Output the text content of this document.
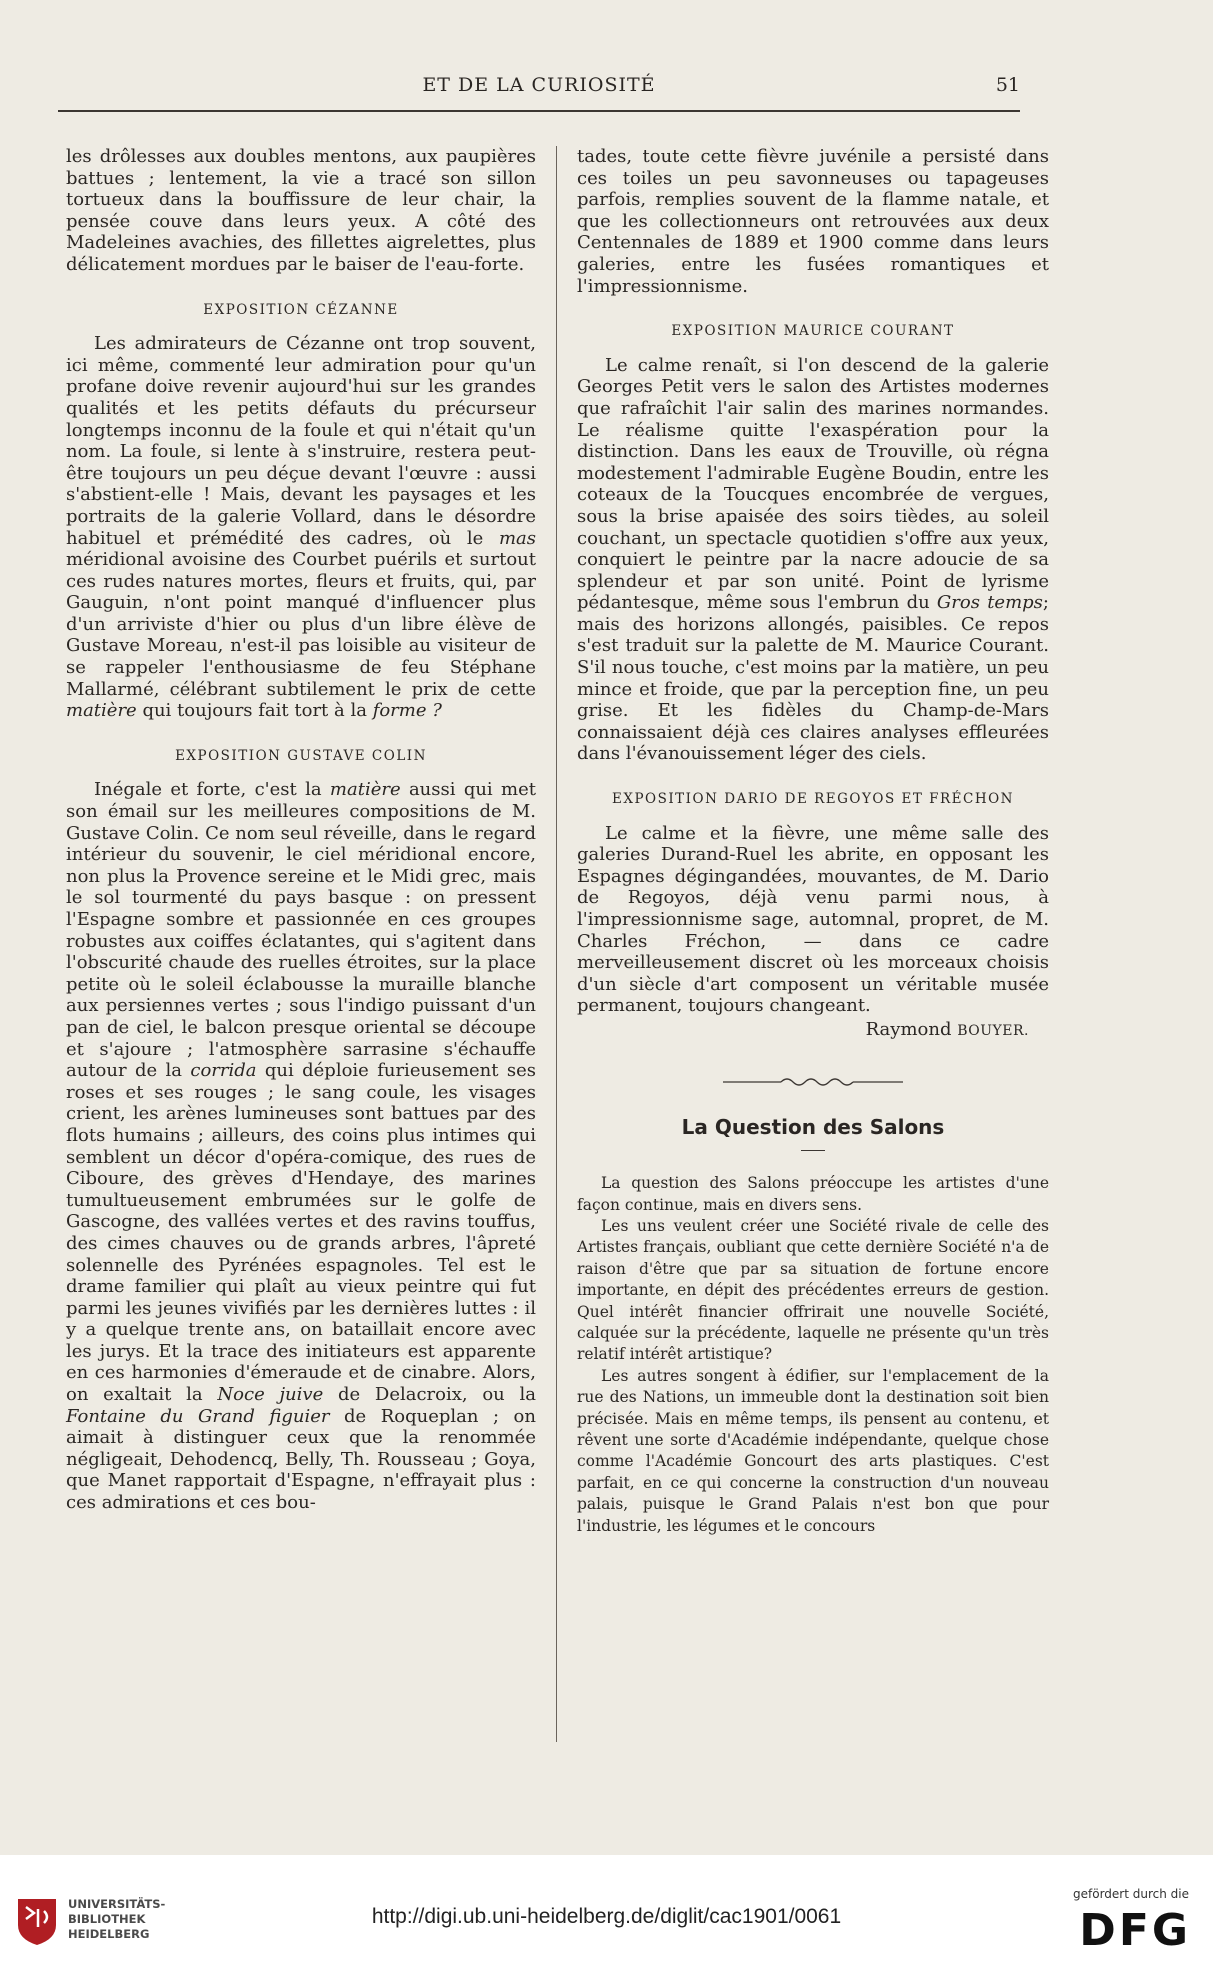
ET DE LA CURIOSITÉ	51

les drôlesses aux doubles mentons, aux paupières battues ; lentement, la vie a tracé son sillon tortueux dans la bouffissure de leur chair, la pensée couve dans leurs yeux. A côté des Madeleines avachies, des fillettes aigrelettes, plus délicatement mordues par le baiser de l'eau-forte.

EXPOSITION CÉZANNE

Les admirateurs de Cézanne ont trop souvent, ici même, commenté leur admiration pour qu'un profane doive revenir aujourd'hui sur les grandes qualités et les petits défauts du précurseur longtemps inconnu de la foule et qui n'était qu'un nom. La foule, si lente à s'instruire, restera peut-être toujours un peu déçue devant l'œuvre : aussi s'abstient-elle ! Mais, devant les paysages et les portraits de la galerie Vollard, dans le désordre habituel et prémédité des cadres, où le mas méridional avoisine des Courbet puérils et surtout ces rudes natures mortes, fleurs et fruits, qui, par Gauguin, n'ont point manqué d'influencer plus d'un arriviste d'hier ou plus d'un libre élève de Gustave Moreau, n'est-il pas loisible au visiteur de se rappeler l'enthousiasme de feu Stéphane Mallarmé, célébrant subtilement le prix de cette matière qui toujours fait tort à la forme ?

EXPOSITION GUSTAVE COLIN

Inégale et forte, c'est la matière aussi qui met son émail sur les meilleures compositions de M. Gustave Colin. Ce nom seul réveille, dans le regard intérieur du souvenir, le ciel méridional encore, non plus la Provence sereine et le Midi grec, mais le sol tourmenté du pays basque : on pressent l'Espagne sombre et passionnée en ces groupes robustes aux coiffes éclatantes, qui s'agitent dans l'obscurité chaude des ruelles étroites, sur la place petite où le soleil éclabousse la muraille blanche aux persiennes vertes ; sous l'indigo puissant d'un pan de ciel, le balcon presque oriental se découpe et s'ajoure ; l'atmosphère sarrasine s'échauffe autour de la corrida qui déploie furieusement ses roses et ses rouges ; le sang coule, les visages crient, les arènes lumineuses sont battues par des flots humains ; ailleurs, des coins plus intimes qui semblent un décor d'opéra-comique, des rues de Ciboure, des grèves d'Hendaye, des marines tumultueusement embrumées sur le golfe de Gascogne, des vallées vertes et des ravins touffus, des cimes chauves ou de grands arbres, l'âpreté solennelle des Pyrénées espagnoles. Tel est le drame familier qui plaît au vieux peintre qui fut parmi les jeunes vivifiés par les dernières luttes : il y a quelque trente ans, on bataillait encore avec les jurys. Et la trace des initiateurs est apparente en ces harmonies d'émeraude et de cinabre. Alors, on exaltait la Noce juive de Delacroix, ou la Fontaine du Grand figuier de Roqueplan ; on aimait à distinguer ceux que la renommée négligeait, Dehodencq, Belly, Th. Rousseau ; Goya, que Manet rapportait d'Espagne, n'effrayait plus : ces admirations et ces bou-

tades, toute cette fièvre juvénile a persisté dans ces toiles un peu savonneuses ou tapageuses parfois, remplies souvent de la flamme natale, et que les collectionneurs ont retrouvées aux deux Centennales de 1889 et 1900 comme dans leurs galeries, entre les fusées romantiques et l'impressionnisme.

EXPOSITION MAURICE COURANT

Le calme renaît, si l'on descend de la galerie Georges Petit vers le salon des Artistes modernes que rafraîchit l'air salin des marines normandes. Le réalisme quitte l'exaspération pour la distinction. Dans les eaux de Trouville, où régna modestement l'admirable Eugène Boudin, entre les coteaux de la Toucques encombrée de vergues, sous la brise apaisée des soirs tièdes, au soleil couchant, un spectacle quotidien s'offre aux yeux, conquiert le peintre par la nacre adoucie de sa splendeur et par son unité. Point de lyrisme pédantesque, même sous l'embrun du Gros temps; mais des horizons allongés, paisibles. Ce repos s'est traduit sur la palette de M. Maurice Courant. S'il nous touche, c'est moins par la matière, un peu mince et froide, que par la perception fine, un peu grise. Et les fidèles du Champ-de-Mars connaissaient déjà ces claires analyses effleurées dans l'évanouissement léger des ciels.

EXPOSITION DARIO DE REGOYOS ET FRÉCHON

Le calme et la fièvre, une même salle des galeries Durand-Ruel les abrite, en opposant les Espagnes dégingandées, mouvantes, de M. Dario de Regoyos, déjà venu parmi nous, à l'impressionnisme sage, automnal, propret, de M. Charles Fréchon, — dans ce cadre merveilleusement discret où les morceaux choisis d'un siècle d'art composent un véritable musée permanent, toujours changeant.

Raymond BOUYER.
La Question des Salons

La question des Salons préoccupe les artistes d'une façon continue, mais en divers sens.

Les uns veulent créer une Société rivale de celle des Artistes français, oubliant que cette dernière Société n'a de raison d'être que par sa situation de fortune encore importante, en dépit des précédentes erreurs de gestion. Quel intérêt financier offrirait une nouvelle Société, calquée sur la précédente, laquelle ne présente qu'un très relatif intérêt artistique?

Les autres songent à édifier, sur l'emplacement de la rue des Nations, un immeuble dont la destination soit bien précisée. Mais en même temps, ils pensent au contenu, et rêvent une sorte d'Académie indépendante, quelque chose comme l'Académie Goncourt des arts plastiques. C'est parfait, en ce qui concerne la construction d'un nouveau palais, puisque le Grand Palais n'est bon que pour l'industrie, les légumes et le concours

UNIVERSITÄTS-
BIBLIOTHEK
HEIDELBERG
http://digi.ub.uni-heidelberg.de/diglit/cac1901/0061
gefördert durch die
DFG
